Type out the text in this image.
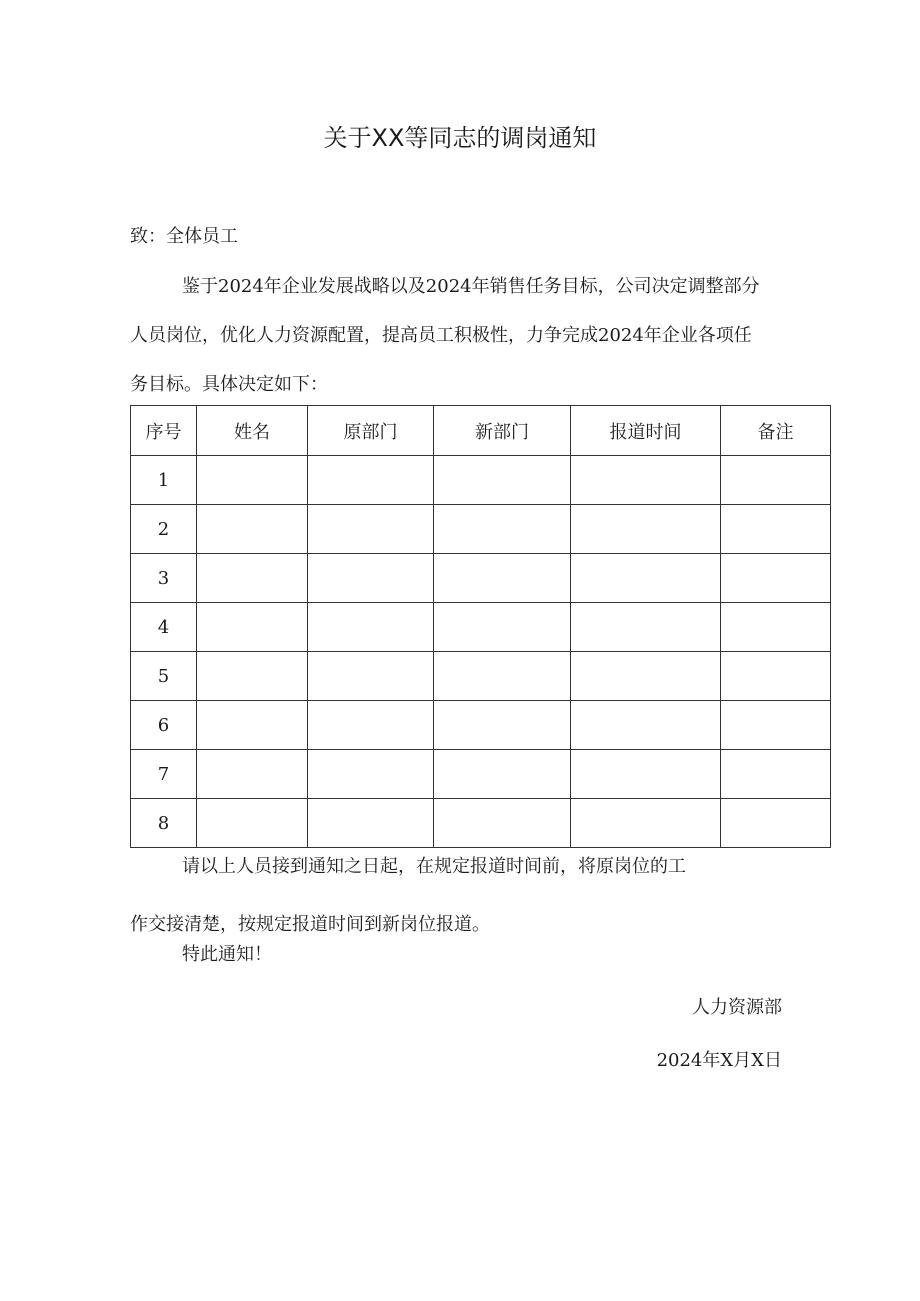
关于XX等同志的调岗通知
致：全体员工
鉴于2024年企业发展战略以及2024年销售任务目标，公司决定调整部分
人员岗位，优化人力资源配置，提高员工积极性，力争完成2024年企业各项任
务目标。具体决定如下：
序号	姓名	原部门	新部门	报道时间	备注
1					
2					
3					
4					
5					
6					
7					
8					
请以上人员接到通知之日起，在规定报道时间前，将原岗位的工
作交接清楚，按规定报道时间到新岗位报道。
特此通知！
人力资源部
2024年X月X日
